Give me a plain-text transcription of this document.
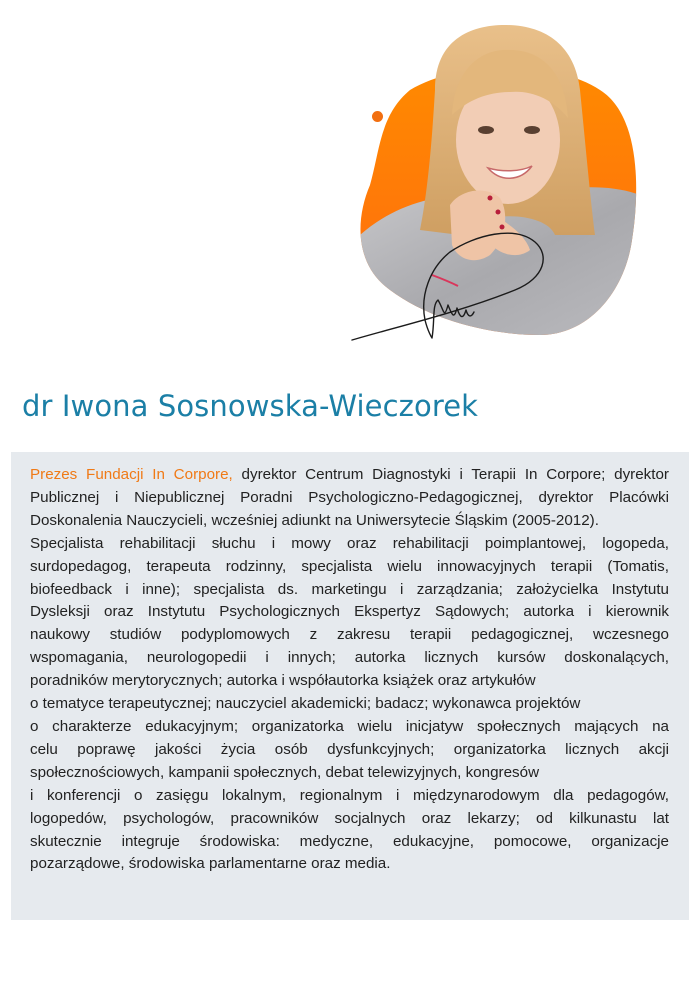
dr Iwona Sosnowska-Wieczorek

Prezes Fundacji In Corpore, dyrektor Centrum Diagnostyki i Terapii In Corpore; dyrektor
Publicznej i Niepublicznej Poradni Psychologiczno-Pedagogicznej, dyrektor Placówki
Doskonalenia Nauczycieli, wcześniej adiunkt na Uniwersytecie Śląskim (2005-2012).
Specjalista rehabilitacji słuchu i mowy oraz rehabilitacji poimplantowej, logopeda,
surdopedagog, terapeuta rodzinny, specjalista wielu innowacyjnych terapii (Tomatis,
biofeedback i inne); specjalista ds. marketingu i zarządzania; założycielka Instytutu
Dysleksji oraz Instytutu Psychologicznych Ekspertyz Sądowych; autorka i kierownik
naukowy studiów podyplomowych z zakresu terapii pedagogicznej, wczesnego
wspomagania, neurologopedii i innych; autorka licznych kursów doskonalących,
poradników merytorycznych; autorka i współautorka książek oraz artykułów
o tematyce terapeutycznej; nauczyciel akademicki; badacz; wykonawca projektów
o charakterze edukacyjnym; organizatorka wielu inicjatyw społecznych mających na
celu poprawę jakości życia osób dysfunkcyjnych; organizatorka licznych akcji
społecznościowych, kampanii społecznych, debat telewizyjnych, kongresów
i konferencji o zasięgu lokalnym, regionalnym i międzynarodowym dla pedagogów,
logopedów, psychologów, pracowników socjalnych oraz lekarzy; od kilkunastu lat
skutecznie integruje środowiska: medyczne, edukacyjne, pomocowe, organizacje
pozarządowe, środowiska parlamentarne oraz media.
